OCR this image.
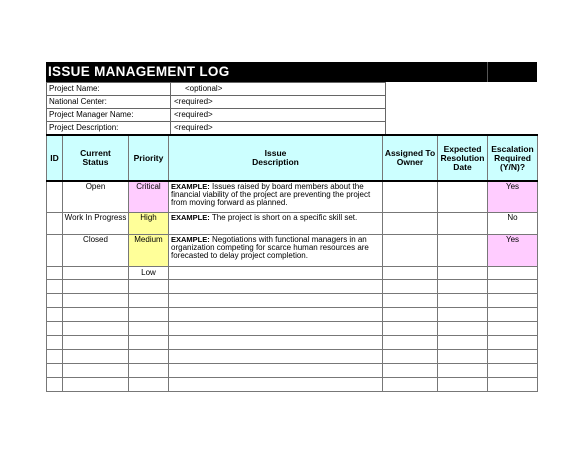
ISSUE MANAGEMENT LOG
Project Name:	<optional>
National Center:	<required>
Project Manager Name:	<required>
Project Description:	<required>
ID	Current Status	Priority	Issue Description	Assigned To Owner	Expected Resolution Date	Escalation Required (Y/N)?
	Open	Critical	EXAMPLE: Issues raised by board members about the financial viability of the project are preventing the project from moving forward as planned.			Yes
	Work In Progress	High	EXAMPLE: The project is short on a specific skill set.			No
	Closed	Medium	EXAMPLE: Negotiations with functional managers in an organization competing for scarce human resources are forecasted to delay project completion.			Yes
		Low				
